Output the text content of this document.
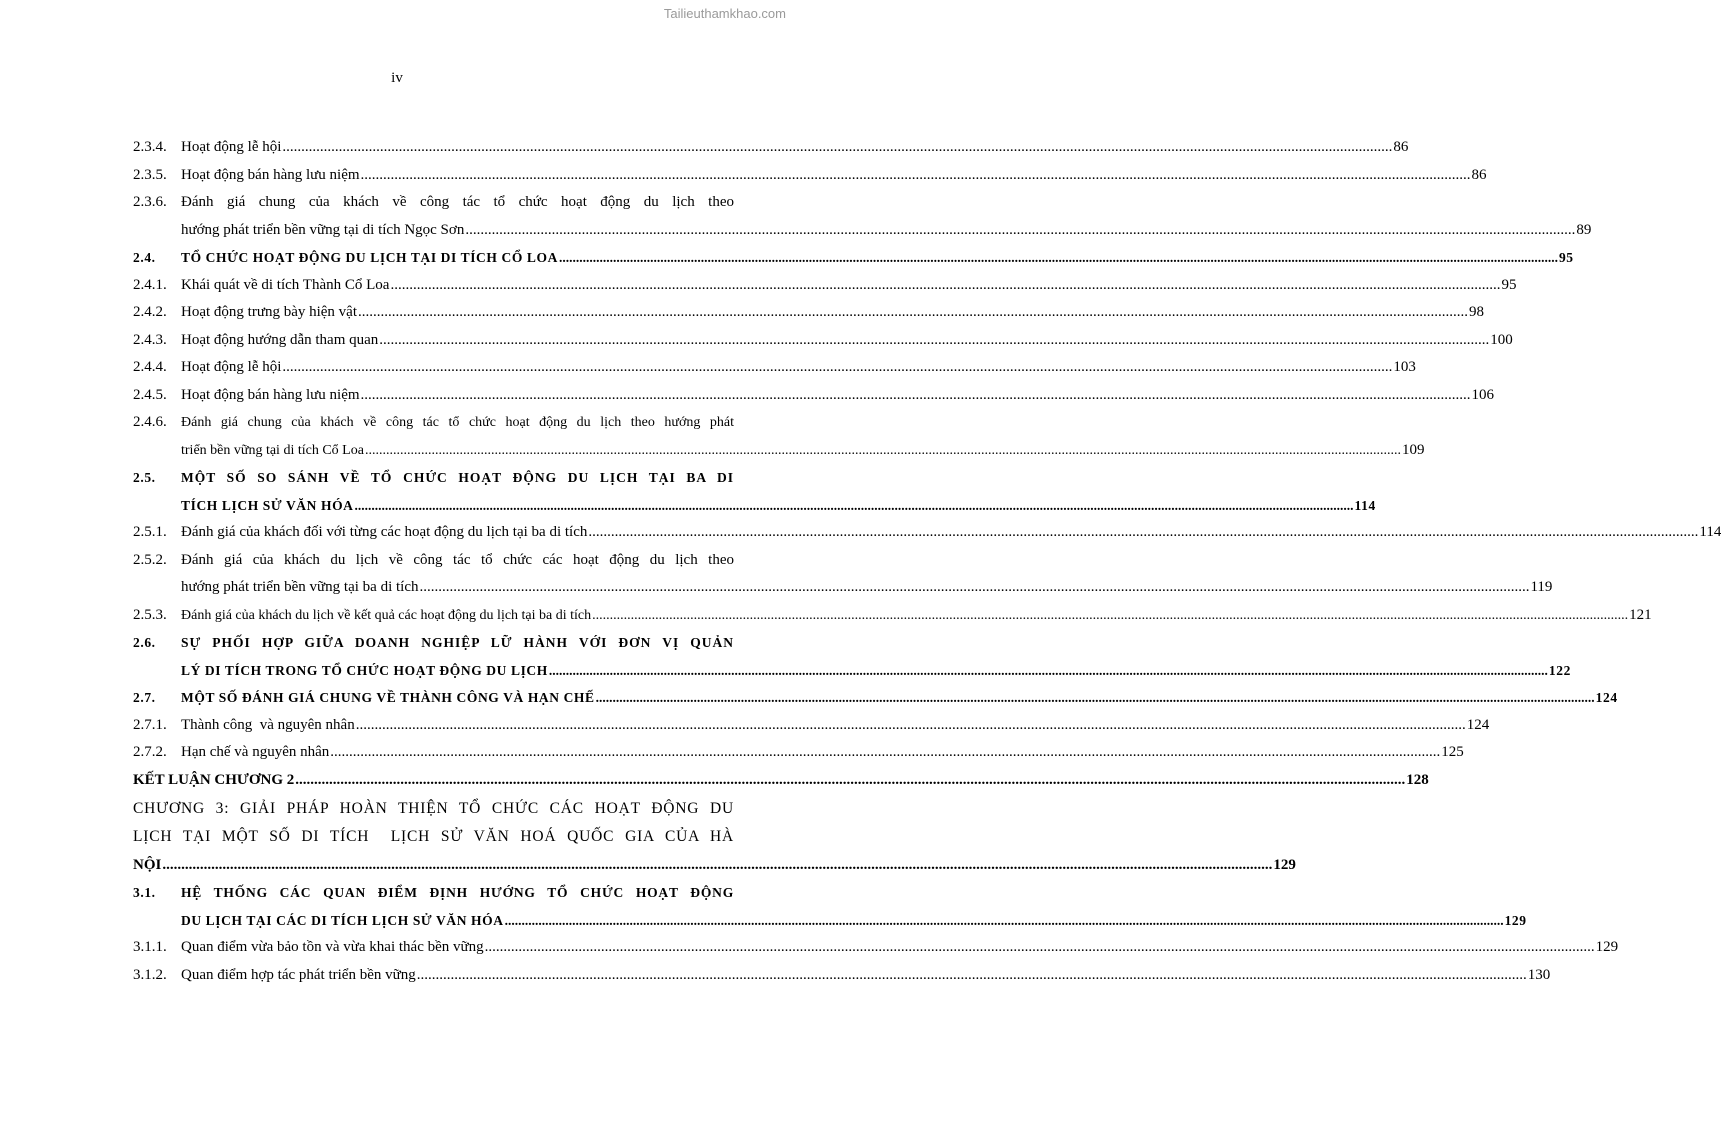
Tailieuthamkhao.com
iv
2.3.4. Hoạt động lễ hội .....	86
2.3.5. Hoạt động bán hàng lưu niệm .....	86
2.3.6. Đánh giá chung của khách về công tác tổ chức hoạt động du lịch theo
hướng phát triển bền vững tại di tích Ngọc Sơn .....	89
2.4.	TỔ CHỨC HOẠT ĐỘNG DU LỊCH TẠI DI TÍCH CỔ LOA .....	95
2.4.1. Khái quát về di tích Thành Cổ Loa .....	95
2.4.2. Hoạt động trưng bày hiện vật .....	98
2.4.3. Hoạt động hướng dẫn tham quan .....	100
2.4.4. Hoạt động lễ hội .....	103
2.4.5. Hoạt động bán hàng lưu niệm .....	106
2.4.6.	Đánh giá chung của khách về công tác tổ chức hoạt động du lịch theo hướng phát
triển bền vững tại di tích Cổ Loa .....	109
2.5.	MỘT SỐ SO SÁNH VỀ TỔ CHỨC HOẠT ĐỘNG DU LỊCH TẠI BA DI
TÍCH LỊCH SỬ VĂN HÓA .....	114
2.5.1. Đánh giá của khách đối với từng các hoạt động du lịch tại ba di tích .....	114
2.5.2. Đánh giá của khách du lịch về công tác tổ chức các hoạt động du lịch theo
hướng phát triển bền vững tại ba di tích .....	119
2.5.3.	Đánh giá của khách du lịch về kết quả các hoạt động du lịch tại ba di tích .....	121
2.6.	SỰ PHỐI HỢP GIỮA DOANH NGHIỆP LỮ HÀNH VỚI ĐƠN VỊ QUẢN
LÝ DI TÍCH TRONG TỔ CHỨC HOẠT ĐỘNG DU LỊCH .....	122
2.7.	MỘT SỐ ĐÁNH GIÁ CHUNG VỀ THÀNH CÔNG VÀ HẠN CHẾ .....	124
2.7.1. Thành công  và nguyên nhân .....	124
2.7.2. Hạn chế và nguyên nhân .....	125
KẾT LUẬN CHƯƠNG 2 .....	128
CHƯƠNG 3: GIẢI PHÁP HOÀN THIỆN TỔ CHỨC CÁC HOẠT ĐỘNG DU
LỊCH TẠI MỘT SỐ DI TÍCH  LỊCH SỬ VĂN HOÁ QUỐC GIA CỦA HÀ
NỘI .....	129
3.1.	HỆ THỐNG CÁC QUAN ĐIỂM ĐỊNH HƯỚNG TỔ CHỨC HOẠT ĐỘNG
DU LỊCH TẠI CÁC DI TÍCH LỊCH SỬ VĂN HÓA .....	129
3.1.1. Quan điểm vừa bảo tồn và vừa khai thác bền vững .....	129
3.1.2. Quan điểm hợp tác phát triển bền vững .....	130
